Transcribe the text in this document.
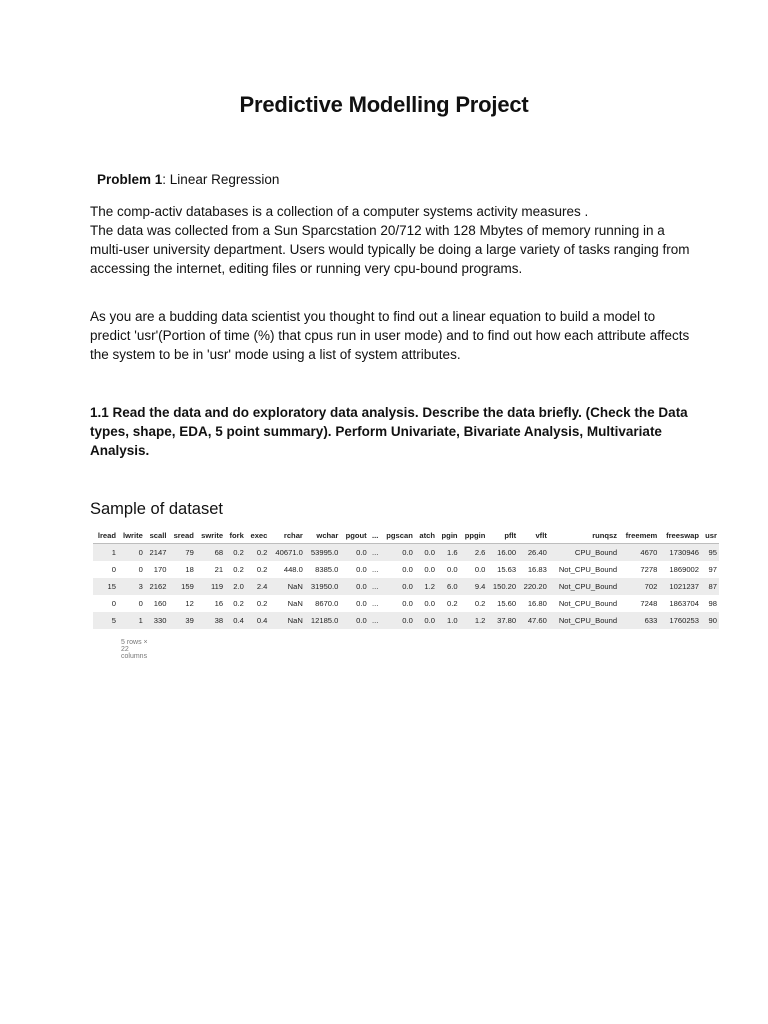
Predictive Modelling Project
Problem 1: Linear Regression

The comp-activ databases is a collection of a computer systems activity measures .
The data was collected from a Sun Sparcstation 20/712 with 128 Mbytes of memory running in a multi-user university department. Users would typically be doing a large variety of tasks ranging from accessing the internet, editing files or running very cpu-bound programs.

As you are a budding data scientist you thought to find out a linear equation to build a model to predict 'usr'(Portion of time (%) that cpus run in user mode) and to find out how each attribute affects the system to be in 'usr' mode using a list of system attributes.

1.1 Read the data and do exploratory data analysis. Describe the data briefly. (Check the Data types, shape, EDA, 5 point summary). Perform Univariate, Bivariate Analysis, Multivariate Analysis.

Sample of dataset
lread	lwrite	scall	sread	swrite	fork	exec	rchar	wchar	pgout	...	pgscan	atch	pgin	ppgin	pflt	vflt	runqsz	freemem	freeswap	usr
1	0	2147	79	68	0.2	0.2	40671.0	53995.0	0.0	...	0.0	0.0	1.6	2.6	16.00	26.40	CPU_Bound	4670	1730946	95
0	0	170	18	21	0.2	0.2	448.0	8385.0	0.0	...	0.0	0.0	0.0	0.0	15.63	16.83	Not_CPU_Bound	7278	1869002	97
15	3	2162	159	119	2.0	2.4	NaN	31950.0	0.0	...	0.0	1.2	6.0	9.4	150.20	220.20	Not_CPU_Bound	702	1021237	87
0	0	160	12	16	0.2	0.2	NaN	8670.0	0.0	...	0.0	0.0	0.2	0.2	15.60	16.80	Not_CPU_Bound	7248	1863704	98
5	1	330	39	38	0.4	0.4	NaN	12185.0	0.0	...	0.0	0.0	1.0	1.2	37.80	47.60	Not_CPU_Bound	633	1760253	90
5 rows × 22 columns
